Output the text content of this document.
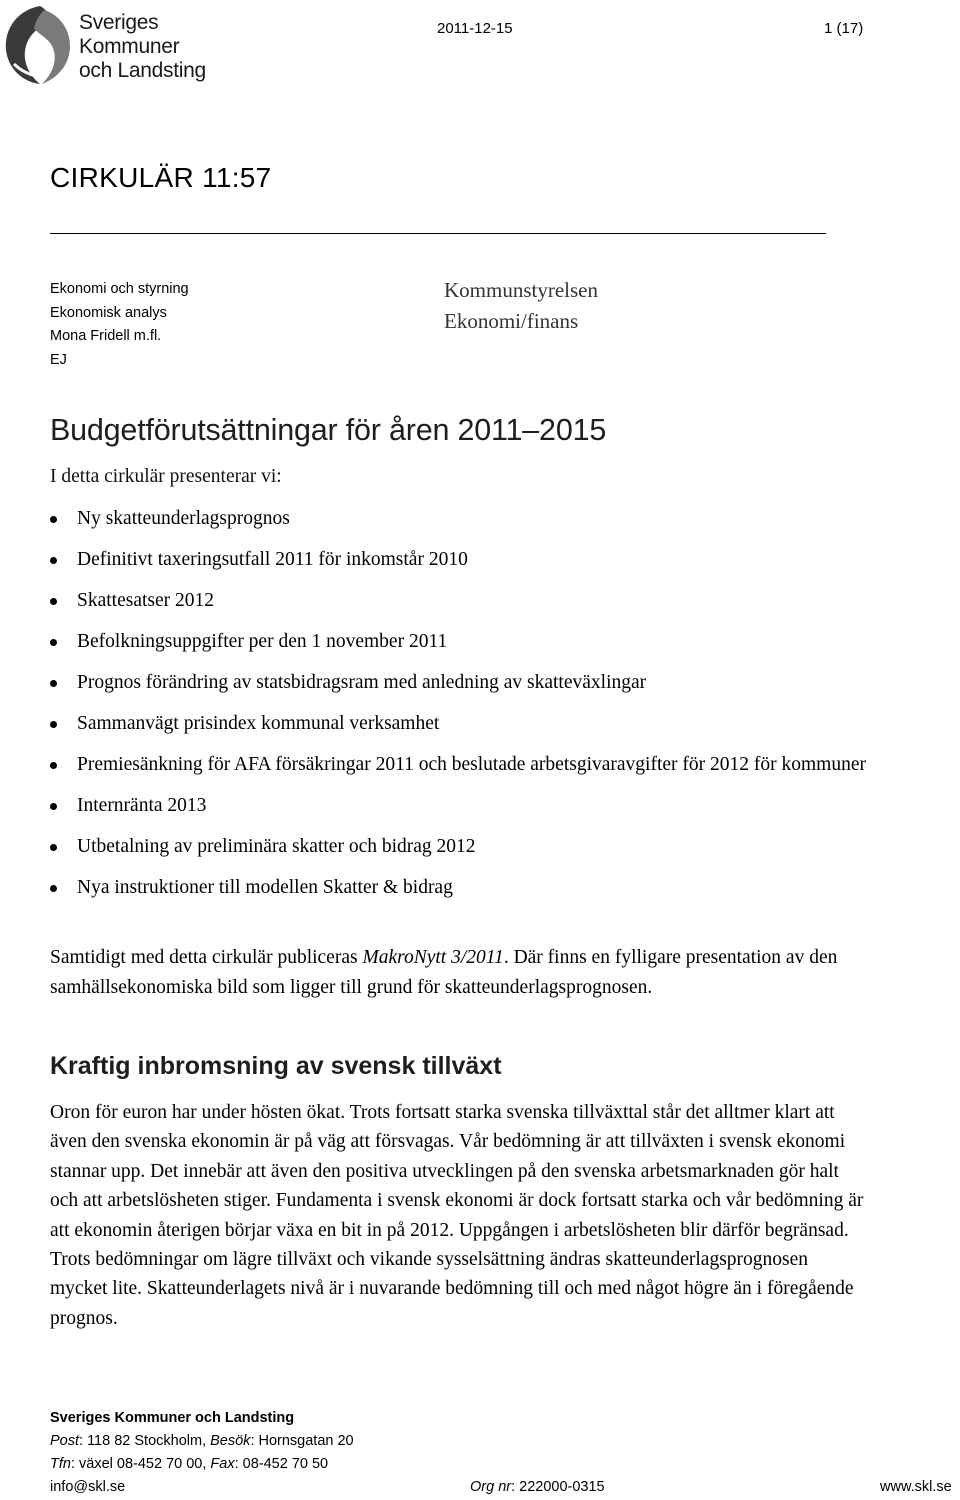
Sveriges
Kommuner
och Landsting
2011-12-15	1 (17)
CIRKULÄR 11:57
Ekonomi och styrning
Ekonomisk analys
Mona Fridell m.fl.
EJ
Kommunstyrelsen
Ekonomi/finans
Budgetförutsättningar för åren 2011–2015
I detta cirkulär presenterar vi:
Ny skatteunderlagsprognos
Definitivt taxeringsutfall 2011 för inkomstår 2010
Skattesatser 2012
Befolkningsuppgifter per den 1 november 2011
Prognos förändring av statsbidragsram med anledning av skatteväxlingar
Sammanvägt prisindex kommunal verksamhet
Premiesänkning för AFA försäkringar 2011 och beslutade arbetsgivaravgifter för 2012 för kommuner
Internränta 2013
Utbetalning av preliminära skatter och bidrag 2012
Nya instruktioner till modellen Skatter & bidrag

Samtidigt med detta cirkulär publiceras MakroNytt 3/2011. Där finns en fylligare presentation av den samhällsekonomiska bild som ligger till grund för skatteunderlagsprognosen.

Kraftig inbromsning av svensk tillväxt

Oron för euron har under hösten ökat. Trots fortsatt starka svenska tillväxttal står det alltmer klart att även den svenska ekonomin är på väg att försvagas. Vår bedömning är att tillväxten i svensk ekonomi stannar upp. Det innebär att även den positiva utvecklingen på den svenska arbetsmarknaden gör halt och att arbetslösheten stiger. Fundamenta i svensk ekonomi är dock fortsatt starka och vår bedömning är att ekonomin återigen börjar växa en bit in på 2012. Uppgången i arbetslösheten blir därför begränsad. Trots bedömningar om lägre tillväxt och vikande sysselsättning ändras skatteunderlagsprognosen mycket lite. Skatteunderlagets nivå är i nuvarande bedömning till och med något högre än i föregående prognos.

Sveriges Kommuner och Landsting
Post: 118 82 Stockholm, Besök: Hornsgatan 20
Tfn: växel 08-452 70 00, Fax: 08-452 70 50
info@skl.se	Org nr: 222000-0315	www.skl.se
